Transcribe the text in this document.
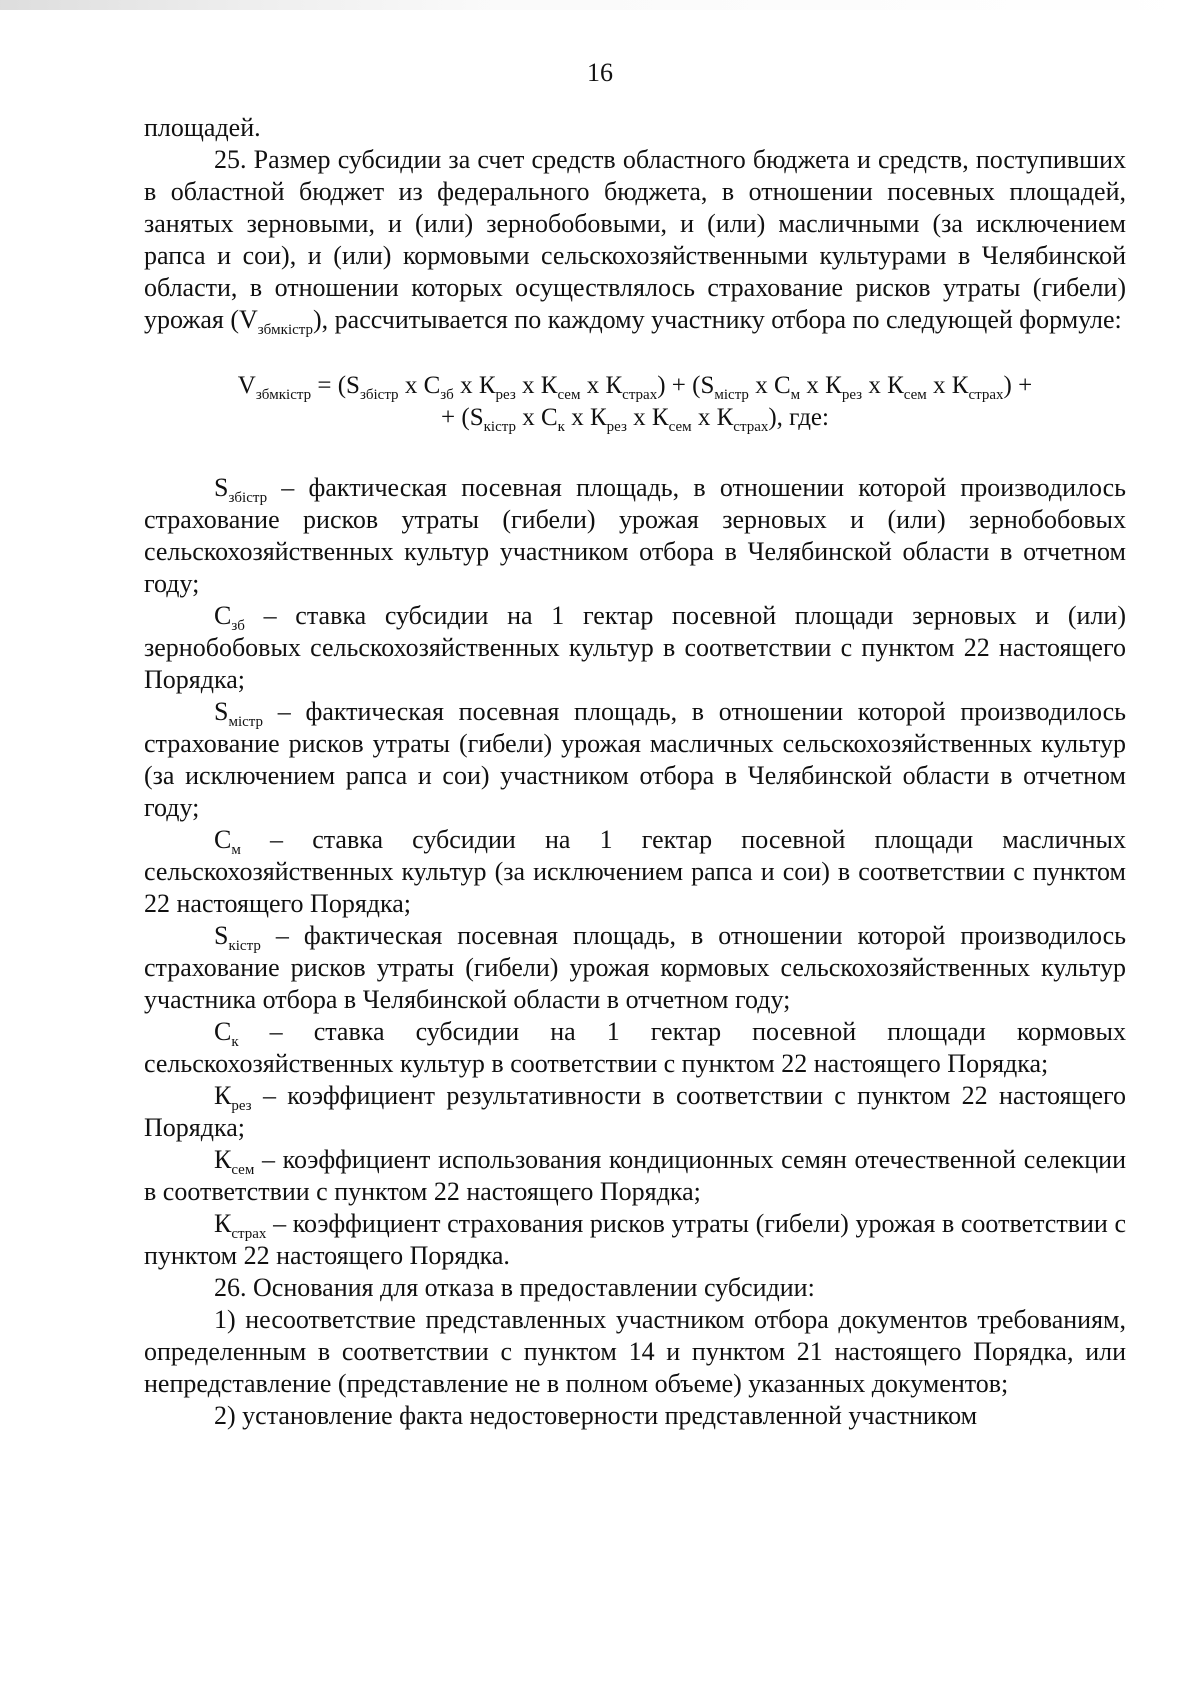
16

площадей.

25. Размер субсидии за счет средств областного бюджета и средств, поступивших в областной бюджет из федерального бюджета, в отношении посевных площадей, занятых зерновыми, и (или) зернобобовыми, и (или) масличными (за исключением рапса и сои), и (или) кормовыми сельскохозяйственными культурами в Челябинской области, в отношении которых осуществлялось страхование рисков утраты (гибели) урожая $(V_{збмкістр})$, рассчитывается по каждому участнику отбора по следующей формуле:

$V_{збмкістр} = (S_{збістр}$ x $С_{зб}$ x $К_{рез}$ x $К_{сем}$ x $К_{страх}) + (S_{містр}$ x $С_м$ x $К_{рез}$ x $К_{сем}$ x $К_{страх}$) +
+ ($S_{кістр}$ x $С_к$ x $К_{рез}$ x $К_{сем}$ x $К_{страх}$), где:

$S_{збістр}$ – фактическая посевная площадь, в отношении которой производилось страхование рисков утраты (гибели) урожая зерновых и (или) зернобобовых сельскохозяйственных культур участником отбора в Челябинской области в отчетном году;

$С_{зб}$ – ставка субсидии на 1 гектар посевной площади зерновых и (или) зернобобовых сельскохозяйственных культур в соответствии с пунктом 22 настоящего Порядка;

$S_{містр}$ – фактическая посевная площадь, в отношении которой производилось страхование рисков утраты (гибели) урожая масличных сельскохозяйственных культур (за исключением рапса и сои) участником отбора в Челябинской области в отчетном году;

$С_м$ – ставка субсидии на 1 гектар посевной площади масличных сельскохозяйственных культур (за исключением рапса и сои) в соответствии с пунктом 22 настоящего Порядка;

$S_{кістр}$ – фактическая посевная площадь, в отношении которой производилось страхование рисков утраты (гибели) урожая кормовых сельскохозяйственных культур участника отбора в Челябинской области в отчетном году;

$С_к$ – ставка субсидии на 1 гектар посевной площади кормовых сельскохозяйственных культур в соответствии с пунктом 22 настоящего Порядка;

$К_{рез}$ – коэффициент результативности в соответствии с пунктом 22 настоящего Порядка;

$К_{сем}$ – коэффициент использования кондиционных семян отечественной селекции в соответствии с пунктом 22 настоящего Порядка;

$К_{страх}$ – коэффициент страхования рисков утраты (гибели) урожая в соответствии с пунктом 22 настоящего Порядка.

26. Основания для отказа в предоставлении субсидии:

1) несоответствие представленных участником отбора документов требованиям, определенным в соответствии с пунктом 14 и пунктом 21 настоящего Порядка, или непредставление (представление не в полном объеме) указанных документов;

2) установление факта недостоверности представленной участником
